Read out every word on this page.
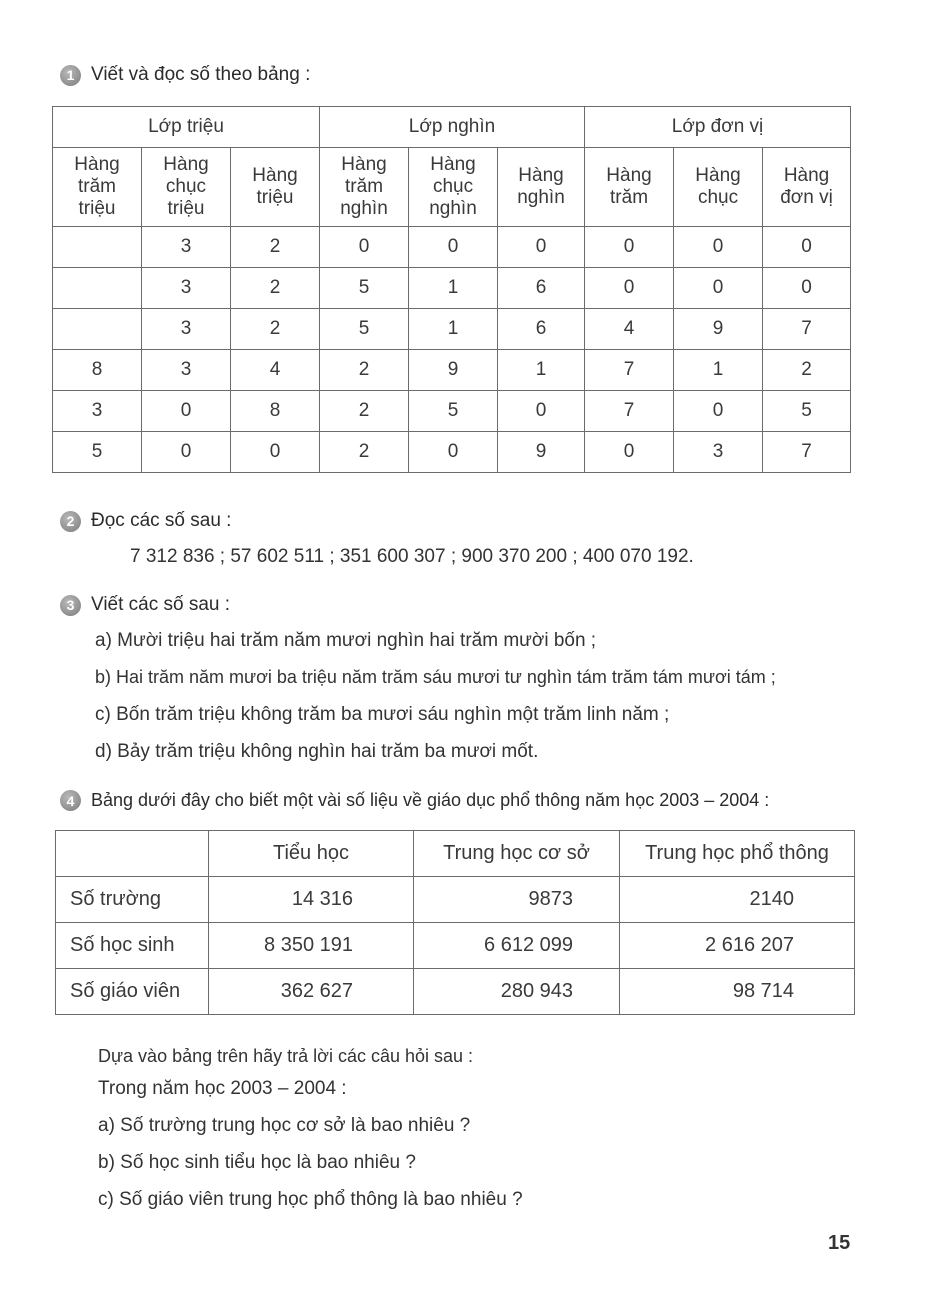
1 Viết và đọc số theo bảng :
Lớp triệu			Lớp nghìn			Lớp đơn vị		
Hàng
trăm
triệu	Hàng
chục
triệu	Hàng
triệu	Hàng
trăm
nghìn	Hàng
chục
nghìn	Hàng
nghìn	Hàng
trăm	Hàng
chục	Hàng
đơn vị
	3	2	0	0	0	0	0	0
	3	2	5	1	6	0	0	0
	3	2	5	1	6	4	9	7
8	3	4	2	9	1	7	1	2
3	0	8	2	5	0	7	0	5
5	0	0	2	0	9	0	3	7
2 Đọc các số sau :
7 312 836 ; 57 602 511 ; 351 600 307 ; 900 370 200 ; 400 070 192.
3 Viết các số sau :
a) Mười triệu hai trăm năm mươi nghìn hai trăm mười bốn ;
b) Hai trăm năm mươi ba triệu năm trăm sáu mươi tư nghìn tám trăm tám mươi tám ;
c) Bốn trăm triệu không trăm ba mươi sáu nghìn một trăm linh năm ;
d) Bảy trăm triệu không nghìn hai trăm ba mươi mốt.
4 Bảng dưới đây cho biết một vài số liệu về giáo dục phổ thông năm học 2003 – 2004 :
	Tiểu học	Trung học cơ sở	Trung học phổ thông
Số trường	14 316	9873	2140
Số học sinh	8 350 191	6 612 099	2 616 207
Số giáo viên	362 627	280 943	98 714
Dựa vào bảng trên hãy trả lời các câu hỏi sau :
Trong năm học 2003 – 2004 :
a) Số trường trung học cơ sở là bao nhiêu ?
b) Số học sinh tiểu học là bao nhiêu ?
c) Số giáo viên trung học phổ thông là bao nhiêu ?
15
